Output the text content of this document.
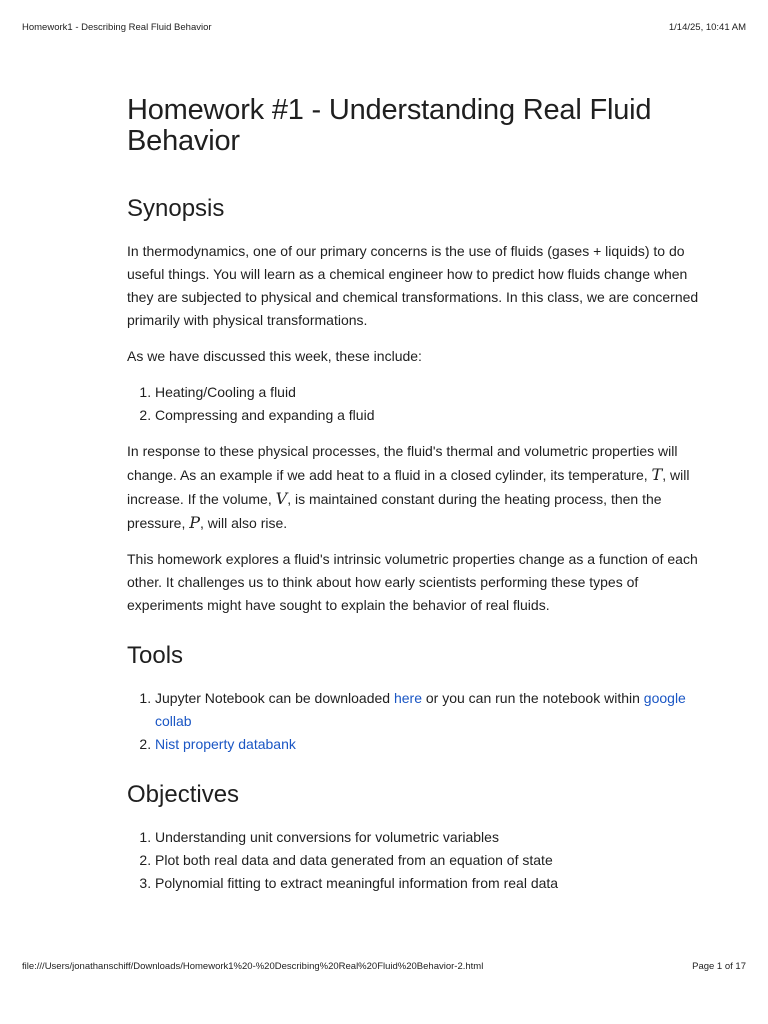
Homework1 - Describing Real Fluid Behavior	1/14/25, 10:41 AM
Homework #1 - Understanding Real Fluid Behavior
Synopsis

In thermodynamics, one of our primary concerns is the use of fluids (gases + liquids) to do useful things. You will learn as a chemical engineer how to predict how fluids change when they are subjected to physical and chemical transformations. In this class, we are concerned primarily with physical transformations.

As we have discussed this week, these include:

1. Heating/Cooling a fluid
2. Compressing and expanding a fluid

In response to these physical processes, the fluid's thermal and volumetric properties will change. As an example if we add heat to a fluid in a closed cylinder, its temperature, T, will increase. If the volume, V, is maintained constant during the heating process, then the pressure, P, will also rise.

This homework explores a fluid's intrinsic volumetric properties change as a function of each other. It challenges us to think about how early scientists performing these types of experiments might have sought to explain the behavior of real fluids.

Tools
1. Jupyter Notebook can be downloaded here or you can run the notebook within google collab
2. Nist property databank
Objectives
1. Understanding unit conversions for volumetric variables
2. Plot both real data and data generated from an equation of state
3. Polynomial fitting to extract meaningful information from real data
file:///Users/jonathanschiff/Downloads/Homework1%20-%20Describing%20Real%20Fluid%20Behavior-2.html	Page 1 of 17
